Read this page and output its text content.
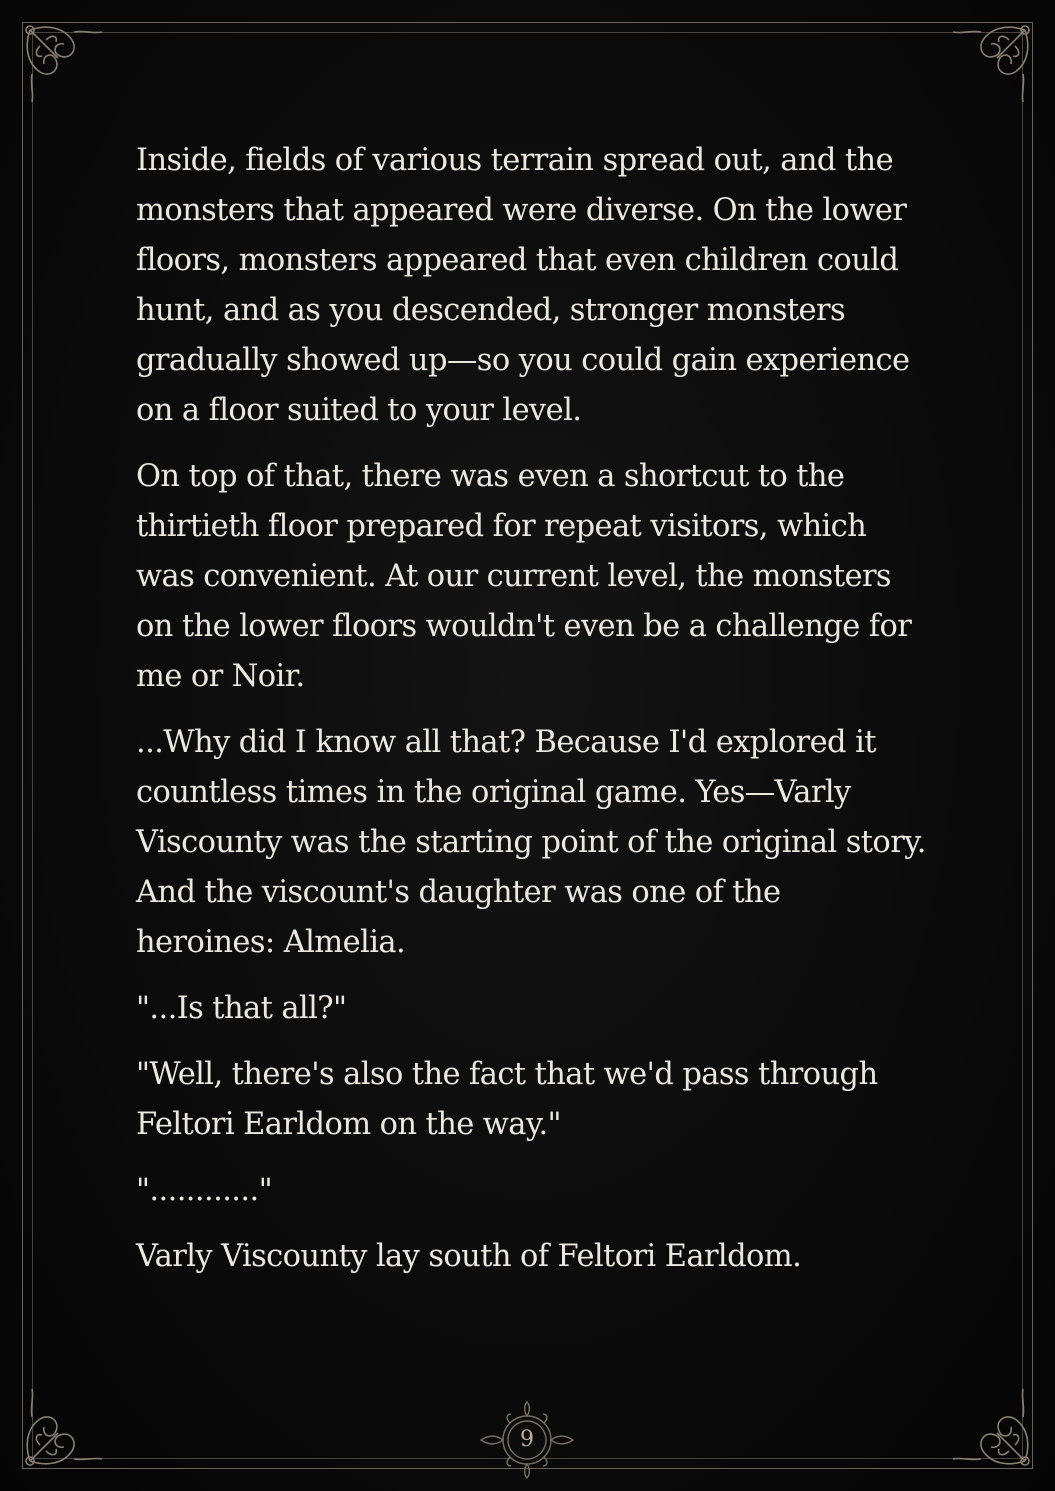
Inside, fields of various terrain spread out, and the monsters that appeared were diverse. On the lower floors, monsters appeared that even children could hunt, and as you descended, stronger monsters gradually showed up—so you could gain experience on a floor suited to your level.

On top of that, there was even a shortcut to the thirtieth floor prepared for repeat visitors, which was convenient. At our current level, the monsters on the lower floors wouldn't even be a challenge for me or Noir.

...Why did I know all that? Because I'd explored it countless times in the original game. Yes—Varly Viscounty was the starting point of the original story. And the viscount's daughter was one of the heroines: Almelia.

"...Is that all?"

"Well, there's also the fact that we'd pass through Feltori Earldom on the way."

"............"

Varly Viscounty lay south of Feltori Earldom.

9
